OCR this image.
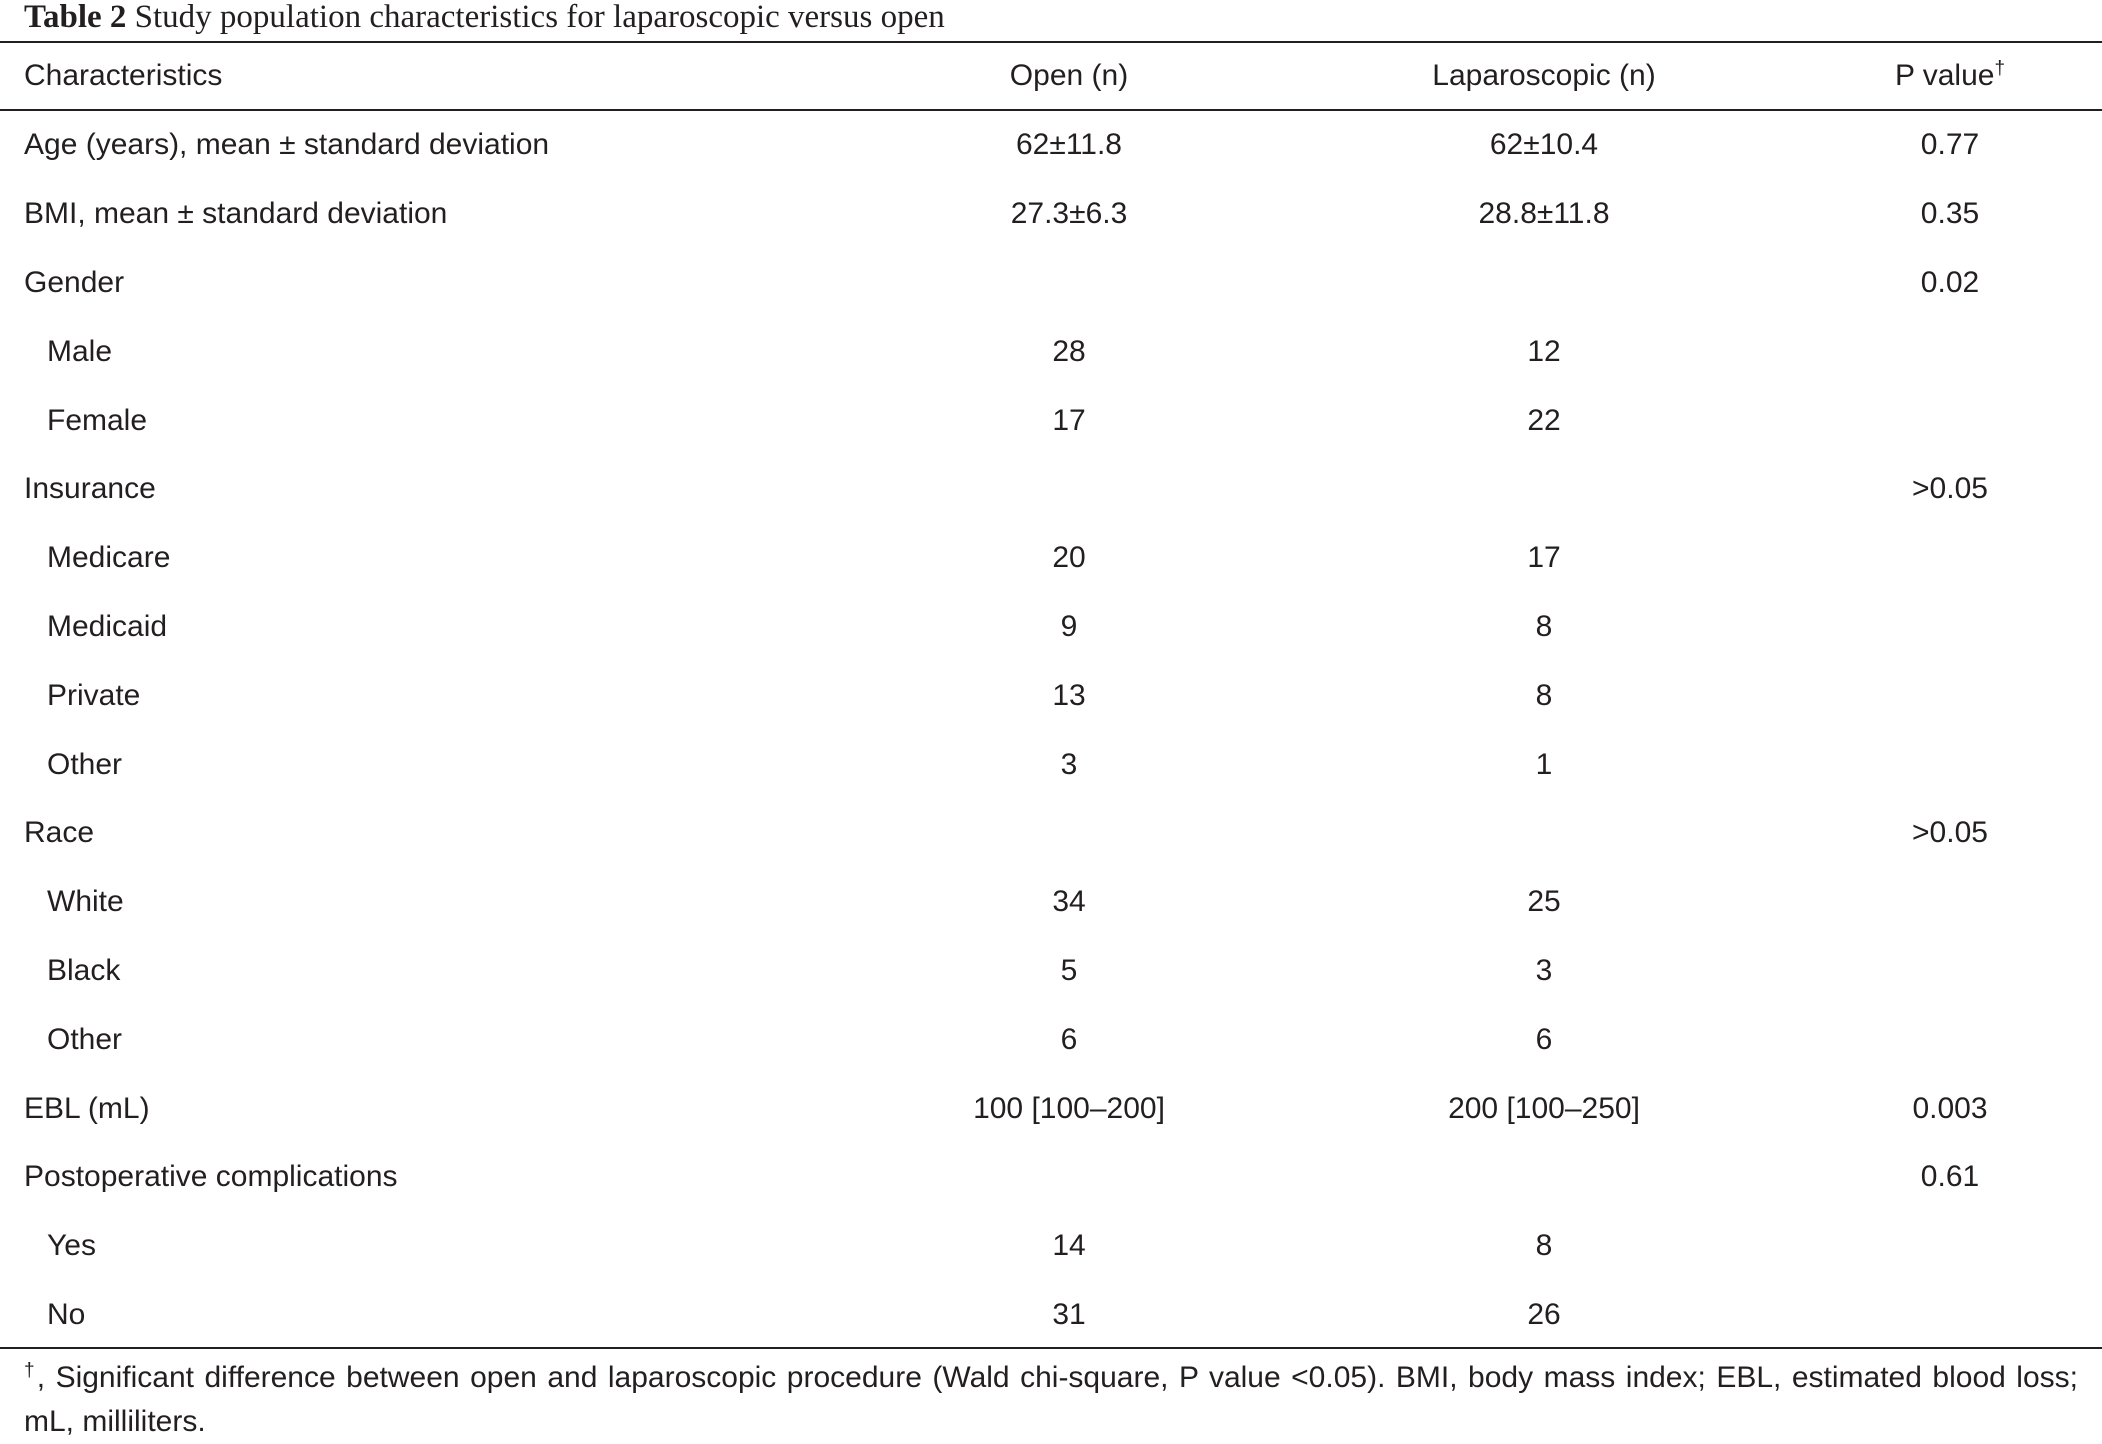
Table 2 Study population characteristics for laparoscopic versus open
Characteristics	Open (n)	Laparoscopic (n)	P value†
Age (years), mean ± standard deviation	62±11.8	62±10.4	0.77
BMI, mean ± standard deviation	27.3±6.3	28.8±11.8	0.35
Gender			0.02
Male	28	12	
Female	17	22	
Insurance			>0.05
Medicare	20	17	
Medicaid	9	8	
Private	13	8	
Other	3	1	
Race			>0.05
White	34	25	
Black	5	3	
Other	6	6	
EBL (mL)	100 [100–200]	200 [100–250]	0.003
Postoperative complications			0.61
Yes	14	8	
No	31	26	
†, Significant difference between open and laparoscopic procedure (Wald chi-square, P value <0.05). BMI, body mass index; EBL, estimated blood loss; mL, milliliters.
